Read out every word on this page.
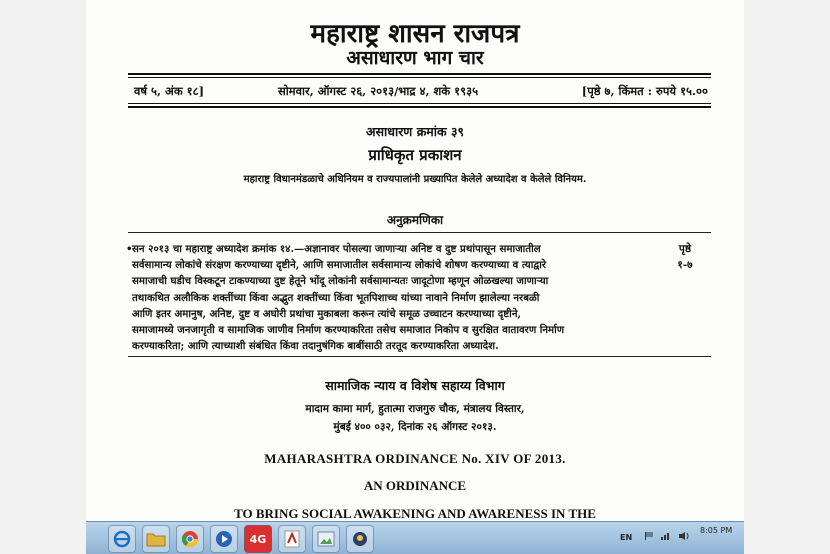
महाराष्ट्र शासन राजपत्र
असाधारण भाग चार
वर्ष ५, अंक १८]	सोमवार, ऑगस्ट २६, २०१३/भाद्र ४, शके १९३५	[पृष्ठे ७, किंमत : रुपये १५.००
असाधारण क्रमांक ३९
प्राधिकृत प्रकाशन
महाराष्ट्र विधानमंडळाचे अधिनियम व राज्यपालांनी प्रख्यापित केलेले अध्यादेश व केलेले विनियम.
अनुक्रमणिका
• सन २०१३ चा महाराष्ट्र अध्यादेश क्रमांक १४.—अज्ञानावर पोसल्या जाणाऱ्या अनिष्ट व दुष्ट प्रथांपासून समाजातील
सर्वसामान्य लोकांचे संरक्षण करण्याच्या दृष्टीने, आणि समाजातील सर्वसामान्य लोकांचे शोषण करण्याच्या व त्याद्वारे
समाजाची घडीच विस्कटून टाकण्याच्या दुष्ट हेतूने भोंदू लोकांनी सर्वसामान्यतः जादूटोणा म्हणून ओळखल्या जाणाऱ्या
तथाकथित अलौकिक शक्तींच्या किंवा अद्भुत शक्तींच्या किंवा भूतपिशाच्च यांच्या नावाने निर्माण झालेल्या नरबळी
आणि इतर अमानुष, अनिष्ट, दुष्ट व अघोरी प्रथांचा मुकाबला करून त्यांचे समूळ उच्चाटन करण्याच्या दृष्टीने,
समाजामध्ये जनजागृती व सामाजिक जाणीव निर्माण करण्याकरिता तसेच समाजात निकोप व सुरक्षित वातावरण निर्माण
करण्याकरिता; आणि त्याच्याशी संबंधित किंवा तदानुषंगिक बाबींसाठी तरतूद करण्याकरिता अध्यादेश.
पृष्ठे
१-७
सामाजिक न्याय व विशेष सहाय्य विभाग
मादाम कामा मार्ग, हुतात्मा राजगुरु चौक, मंत्रालय विस्तार,
मुंबई ४०० ०३२, दिनांक २६ ऑगस्ट २०१३.
MAHARASHTRA ORDINANCE No. XIV OF 2013.
AN ORDINANCE
TO BRING SOCIAL AWAKENING AND AWARENESS IN THE
4G	EN
8:05 PM
